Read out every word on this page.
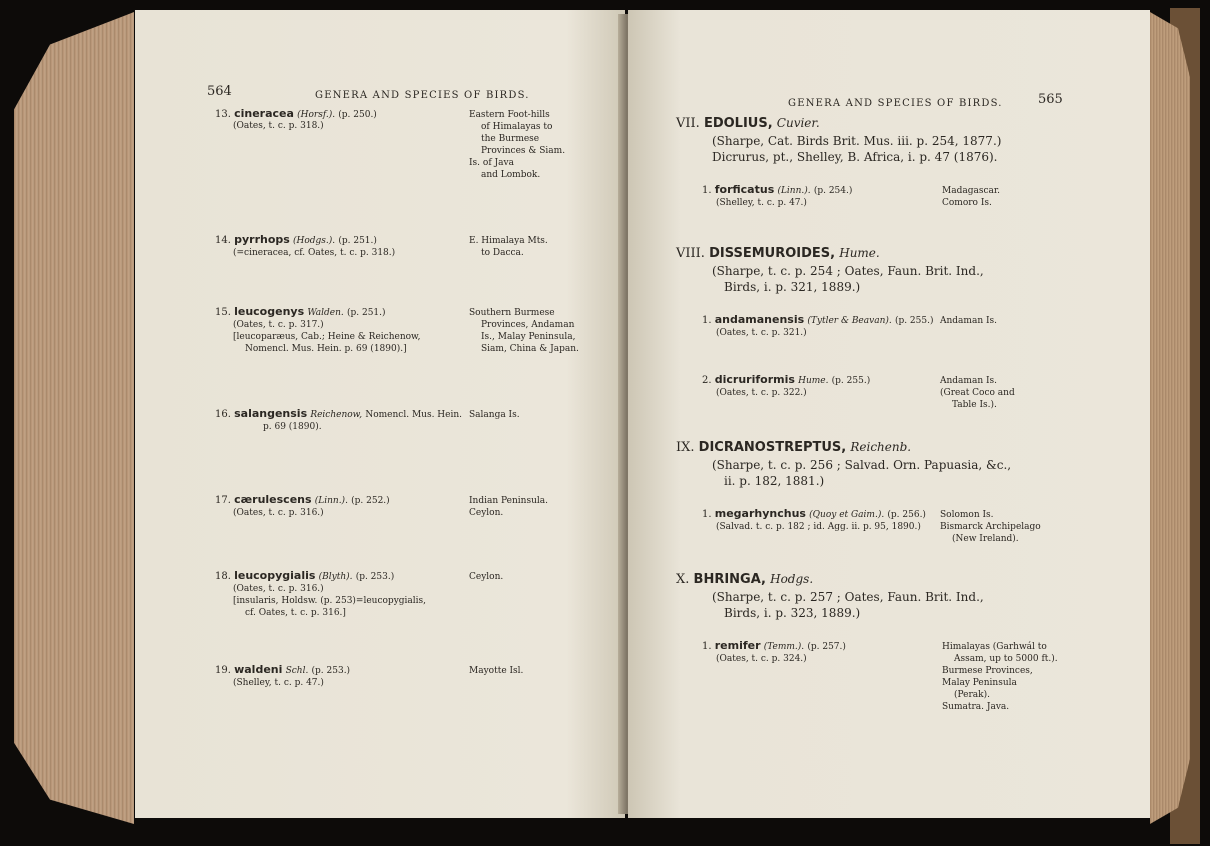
564	GENERA AND SPECIES OF BIRDS.
13. cineracea (Horsf.). (p. 250.)
(Oates, t. c. p. 318.)
Eastern Foot-hills
of Himalayas to
the Burmese
Provinces & Siam.
Is. of Java
and Lombok.
14. pyrrhops (Hodgs.). (p. 251.)
(=cineracea, cf. Oates, t. c. p. 318.)
E. Himalaya Mts.
to Dacca.
15. leucogenys Walden. (p. 251.)
(Oates, t. c. p. 317.)
[leucoparæus, Cab.; Heine & Reichenow,
Nomencl. Mus. Hein. p. 69 (1890).]
Southern Burmese
Provinces, Andaman
Is., Malay Peninsula,
Siam, China & Japan.
16. salangensis Reichenow, Nomencl. Mus. Hein.
p. 69 (1890).
Salanga Is.
17. cærulescens (Linn.). (p. 252.)
(Oates, t. c. p. 316.)
Indian Peninsula.
Ceylon.
18. leucopygialis (Blyth). (p. 253.)
(Oates, t. c. p. 316.)
[insularis, Holdsw. (p. 253)=leucopygialis,
cf. Oates, t. c. p. 316.]
Ceylon.
19. waldeni Schl. (p. 253.)
(Shelley, t. c. p. 47.)
Mayotte Isl.
GENERA AND SPECIES OF BIRDS.	565
VII. EDOLIUS, Cuvier.
(Sharpe, Cat. Birds Brit. Mus. iii. p. 254, 1877.)
Dicrurus, pt., Shelley, B. Africa, i. p. 47 (1876).
1. forficatus (Linn.). (p. 254.)
(Shelley, t. c. p. 47.)
Madagascar.
Comoro Is.
VIII. DISSEMUROIDES, Hume.
(Sharpe, t. c. p. 254 ; Oates, Faun. Brit. Ind.,
Birds, i. p. 321, 1889.)
1. andamanensis (Tytler & Beavan). (p. 255.)
(Oates, t. c. p. 321.)
Andaman Is.
2. dicruriformis Hume. (p. 255.)
(Oates, t. c. p. 322.)
Andaman Is.
(Great Coco and
Table Is.).
IX. DICRANOSTREPTUS, Reichenb.
(Sharpe, t. c. p. 256 ; Salvad. Orn. Papuasia, &c.,
ii. p. 182, 1881.)
1. megarhynchus (Quoy et Gaim.). (p. 256.)
(Salvad. t. c. p. 182 ; id. Agg. ii. p. 95, 1890.)
Solomon Is.
Bismarck Archipelago
(New Ireland).
X. BHRINGA, Hodgs.
(Sharpe, t. c. p. 257 ; Oates, Faun. Brit. Ind.,
Birds, i. p. 323, 1889.)
1. remifer (Temm.). (p. 257.)
(Oates, t. c. p. 324.)
Himalayas (Garhwál to
Assam, up to 5000 ft.).
Burmese Provinces,
Malay Peninsula
(Perak).
Sumatra. Java.
